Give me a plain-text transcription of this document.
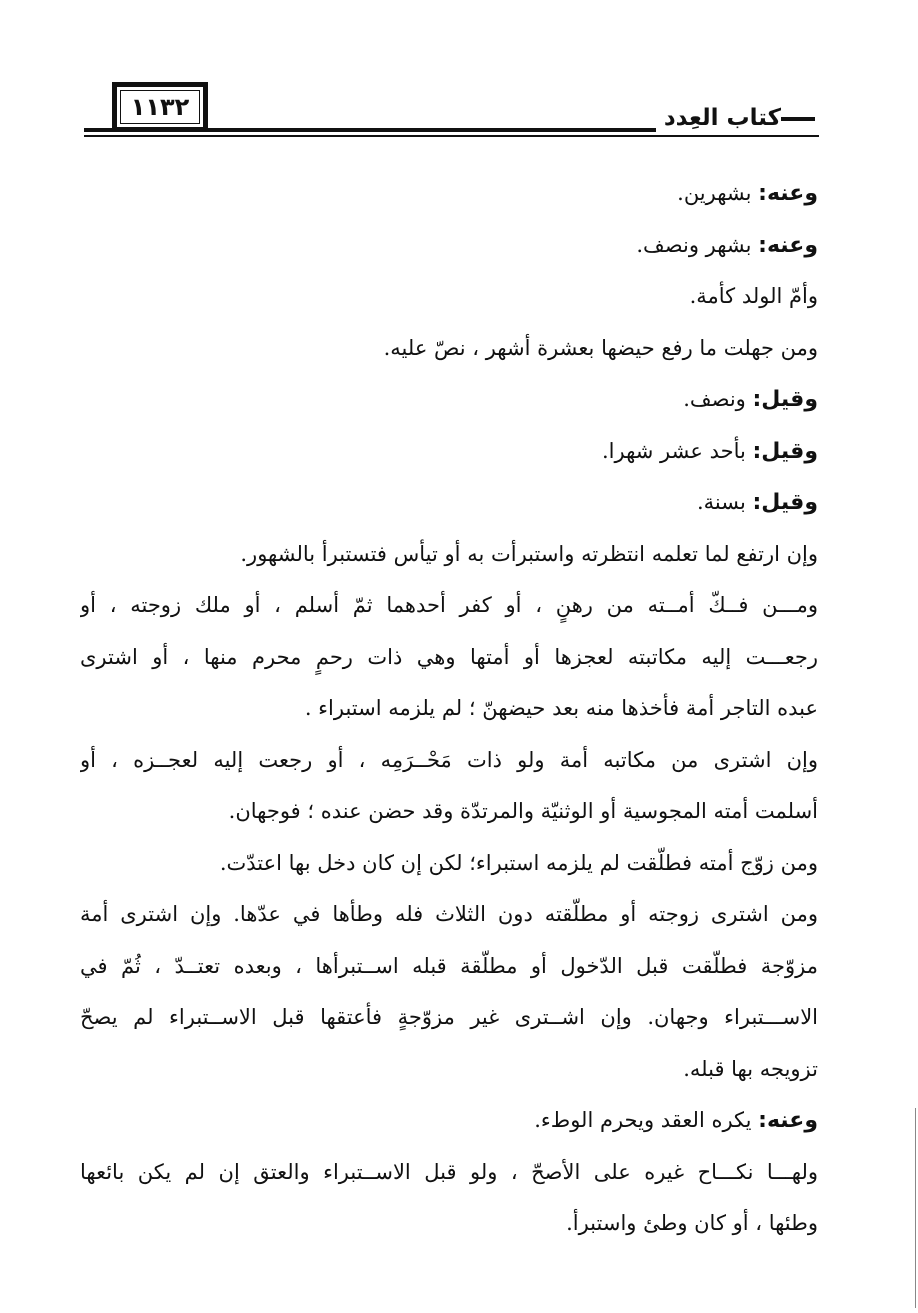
١١٣٢	كتاب العِدد
وعنه: بشهرين.
وعنه: بشهر ونصف.
وأمّ الولد كأمة.
ومن جهلت ما رفع حيضها بعشرة أشهر ، نصّ عليه.
وقيل: ونصف.
وقيل: بأحد عشر شهرا.
وقيل: بسنة.
وإن ارتفع لما تعلمه انتظرته واستبرأت به أو تيأس فتستبرأ بالشهور.
ومـــن فــكّ أمــته من رهنٍ ، أو كفر أحدهما ثمّ أسلم ، أو ملك زوجته ، أو
رجعـــت إليه مكاتبته لعجزها أو أمتها وهي ذات رحمٍ محرم منها ، أو اشترى
عبده التاجر أمة فأخذها منه بعد حيضهنّ ؛ لم يلزمه استبراء .
وإن اشترى من مكاتبه أمة ولو ذات مَحْــرَمِه ، أو رجعت إليه لعجــزه ، أو
أسلمت أمته المجوسية أو الوثنيّة والمرتدّة وقد حضن عنده ؛ فوجهان.
ومن زوّج أمته فطلّقت لم يلزمه استبراء؛ لكن إن كان دخل بها اعتدّت.
ومن اشترى زوجته أو مطلّقته دون الثلاث فله وطأها في عدّها. وإن اشترى أمة
مزوّجة فطلّقت قبل الدّخول أو مطلّقة قبله اســتبرأها ، وبعده تعتــدّ ، ثُمّ في
الاســـتبراء وجهان. وإن اشــترى غير مزوّجةٍ فأعتقها قبل الاســتبراء لم يصحّ
تزويجه بها قبله.
وعنه: يكره العقد ويحرم الوطء.
ولهـــا نكـــاح غيره على الأصحّ ، ولو قبل الاســتبراء والعتق إن لم يكن بائعها
وطئها ، أو كان وطئ واستبرأ.
